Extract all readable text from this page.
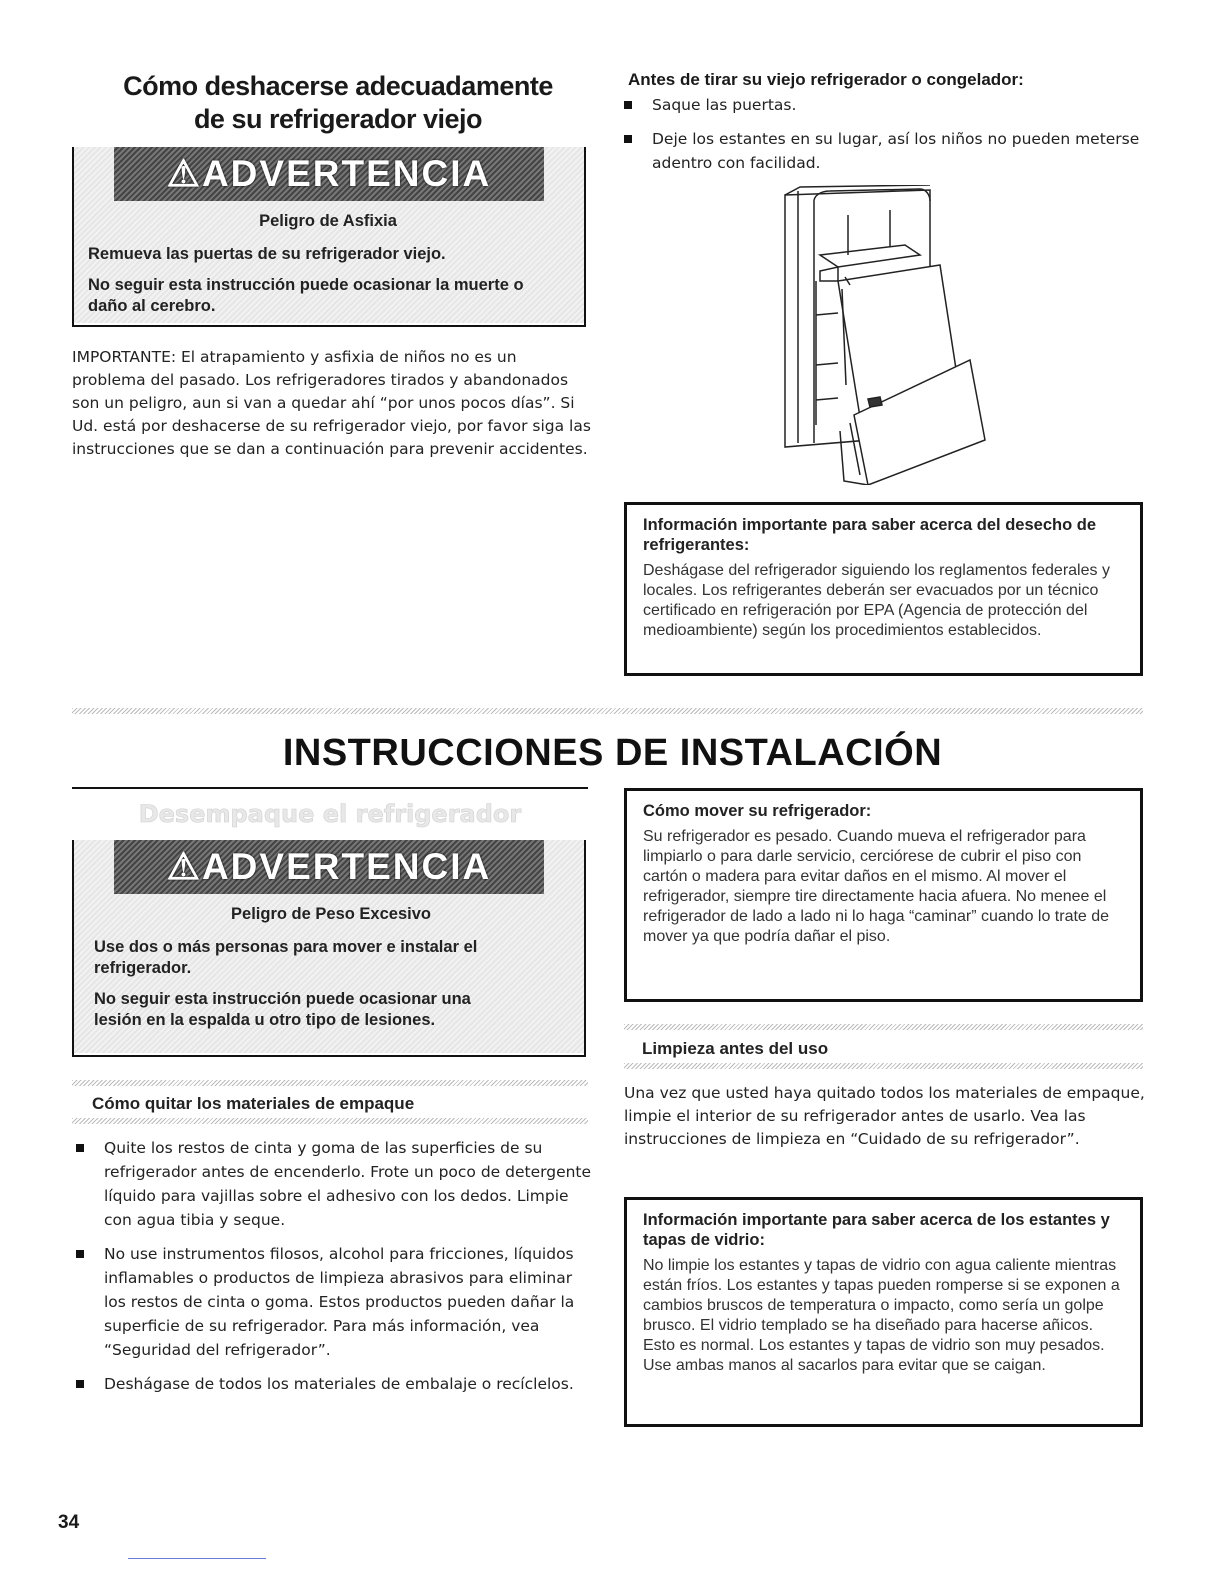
Cómo deshacerse adecuadamente
de su refrigerador viejo
⚠ADVERTENCIA
Peligro de Asfixia

Remueva las puertas de su refrigerador viejo.

No seguir esta instrucción puede ocasionar la muerte o daño al cerebro.

IMPORTANTE: El atrapamiento y asfixia de niños no es un problema del pasado. Los refrigeradores tirados y abandonados son un peligro, aun si van a quedar ahí “por unos pocos días”. Si Ud. está por deshacerse de su refrigerador viejo, por favor siga las instrucciones que se dan a continuación para prevenir accidentes.
Antes de tirar su viejo refrigerador o congelador:
Saque las puertas.
Deje los estantes en su lugar, así los niños no pueden meterse adentro con facilidad.
Información importante para saber acerca del desecho de refrigerantes:
Deshágase del refrigerador siguiendo los reglamentos federales y locales. Los refrigerantes deberán ser evacuados por un técnico certificado en refrigeración por EPA (Agencia de protección del medioambiente) según los procedimientos establecidos.
INSTRUCCIONES DE INSTALACIÓN
Desempaque el refrigerador
⚠ADVERTENCIA
Peligro de Peso Excesivo

Use dos o más personas para mover e instalar el refrigerador.

No seguir esta instrucción puede ocasionar una lesión en la espalda u otro tipo de lesiones.

Cómo quitar los materiales de empaque
Quite los restos de cinta y goma de las superficies de su refrigerador antes de encenderlo. Frote un poco de detergente líquido para vajillas sobre el adhesivo con los dedos. Limpie con agua tibia y seque.
No use instrumentos filosos, alcohol para fricciones, líquidos inflamables o productos de limpieza abrasivos para eliminar los restos de cinta o goma. Estos productos pueden dañar la superficie de su refrigerador. Para más información, vea “Seguridad del refrigerador”.
Deshágase de todos los materiales de embalaje o recíclelos.
Cómo mover su refrigerador:
Su refrigerador es pesado. Cuando mueva el refrigerador para limpiarlo o para darle servicio, cerciórese de cubrir el piso con cartón o madera para evitar daños en el mismo. Al mover el refrigerador, siempre tire directamente hacia afuera. No menee el refrigerador de lado a lado ni lo haga “caminar” cuando lo trate de mover ya que podría dañar el piso.
Limpieza antes del uso
Una vez que usted haya quitado todos los materiales de empaque, limpie el interior de su refrigerador antes de usarlo. Vea las instrucciones de limpieza en “Cuidado de su refrigerador”.
Información importante para saber acerca de los estantes y tapas de vidrio:
No limpie los estantes y tapas de vidrio con agua caliente mientras están fríos. Los estantes y tapas pueden romperse si se exponen a cambios bruscos de temperatura o impacto, como sería un golpe brusco. El vidrio templado se ha diseñado para hacerse añicos. Esto es normal. Los estantes y tapas de vidrio son muy pesados. Use ambas manos al sacarlos para evitar que se caigan.
34
